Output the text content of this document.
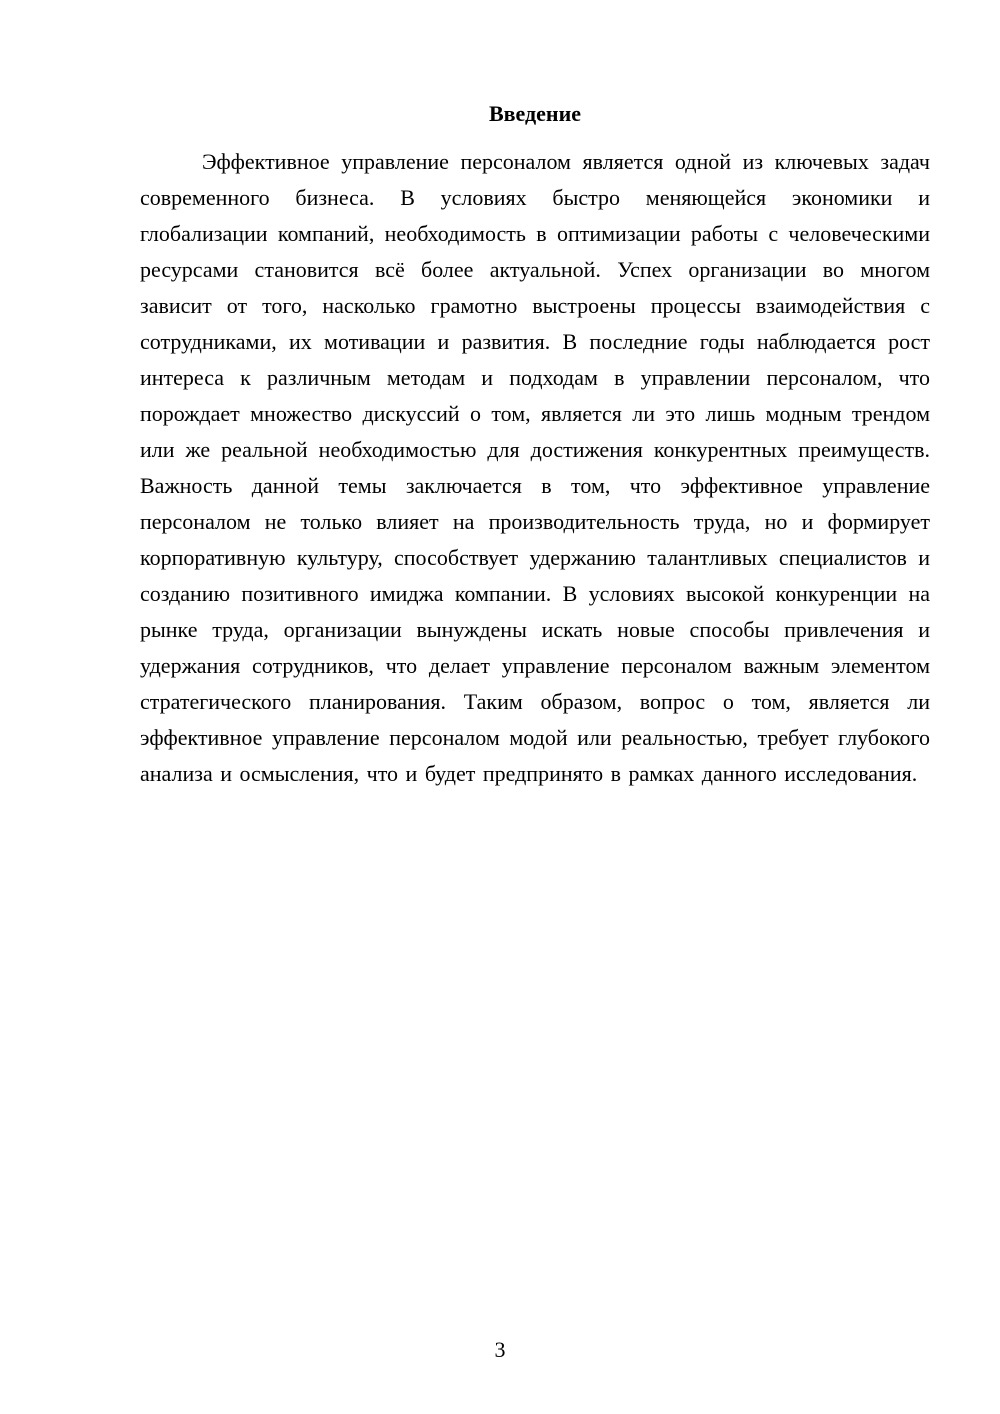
Введение

Эффективное управление персоналом является одной из ключевых задач современного бизнеса. В условиях быстро меняющейся экономики и глобализации компаний, необходимость в оптимизации работы с человеческими ресурсами становится всё более актуальной. Успех организации во многом зависит от того, насколько грамотно выстроены процессы взаимодействия с сотрудниками, их мотивации и развития. В последние годы наблюдается рост интереса к различным методам и подходам в управлении персоналом, что порождает множество дискуссий о том, является ли это лишь модным трендом или же реальной необходимостью для достижения конкурентных преимуществ. Важность данной темы заключается в том, что эффективное управление персоналом не только влияет на производительность труда, но и формирует корпоративную культуру, способствует удержанию талантливых специалистов и созданию позитивного имиджа компании. В условиях высокой конкуренции на рынке труда, организации вынуждены искать новые способы привлечения и удержания сотрудников, что делает управление персоналом важным элементом стратегического планирования. Таким образом, вопрос о том, является ли эффективное управление персоналом модой или реальностью, требует глубокого анализа и осмысления, что и будет предпринято в рамках данного исследования.

3
